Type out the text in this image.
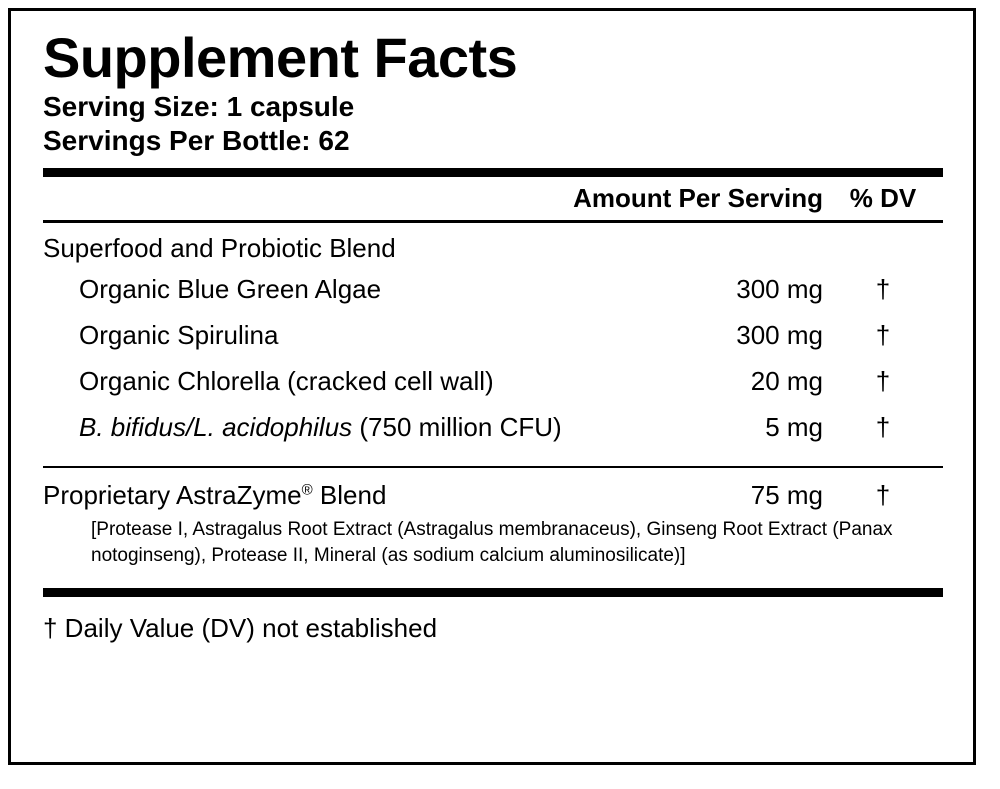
Supplement Facts
Serving Size: 1 capsule
Servings Per Bottle: 62
Amount Per Serving	% DV
Superfood and Probiotic Blend
Organic Blue Green Algae	300 mg	†
Organic Spirulina	300 mg	†
Organic Chlorella (cracked cell wall)	20 mg	†
B. bifidus/L. acidophilus (750 million CFU)	5 mg	†
Proprietary AstraZyme® Blend	75 mg	†
[Protease I, Astragalus Root Extract (Astragalus membranaceus), Ginseng Root Extract (Panax notoginseng), Protease II, Mineral (as sodium calcium aluminosilicate)]
† Daily Value (DV) not established
